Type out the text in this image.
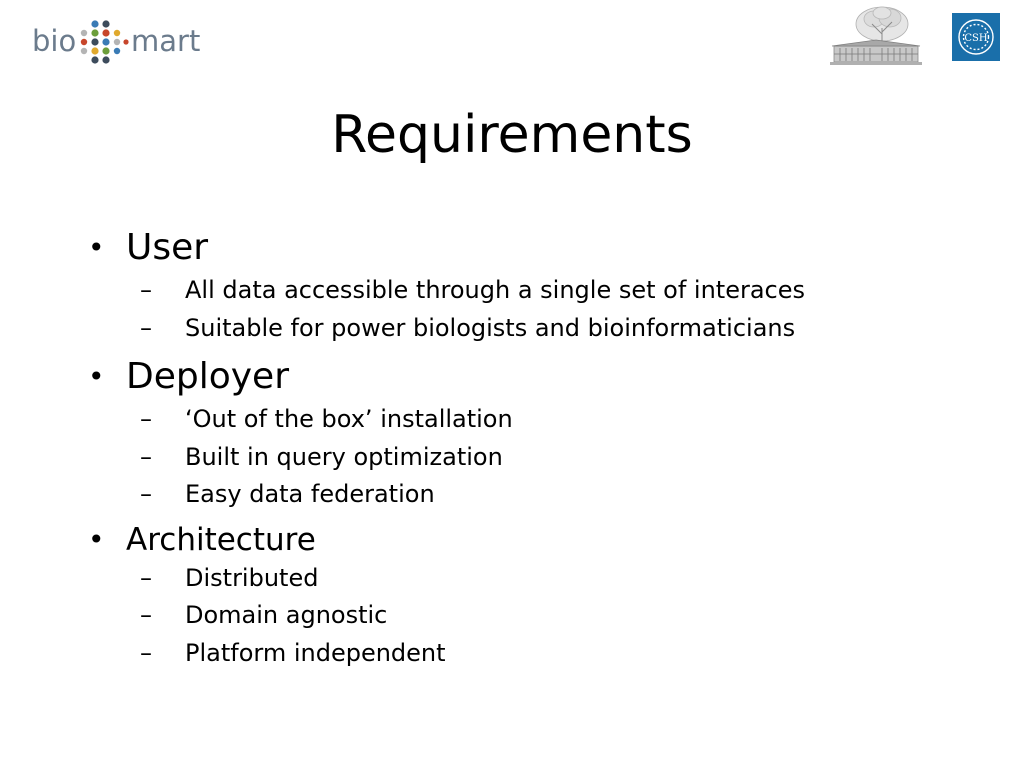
bio mart	CSH
Requirements
• User
– All data accessible through a single set of interaces
– Suitable for power biologists and bioinformaticians
• Deployer
– ‘Out of the box’ installation
– Built in query optimization
– Easy data federation
• Architecture
– Distributed
– Domain agnostic
– Platform independent
